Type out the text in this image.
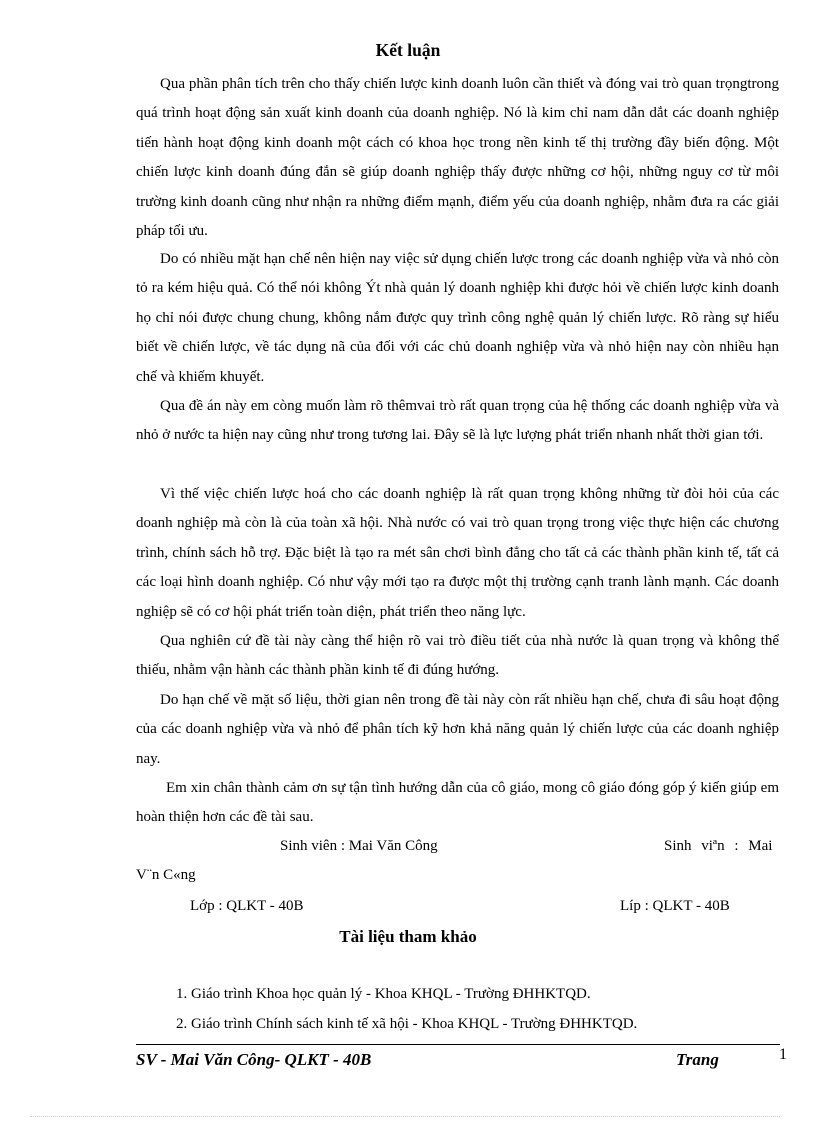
Kết luận

Qua phần phân tích trên cho thấy chiến lược kinh doanh luôn cần thiết và đóng vai trò quan trọngtrong quá trình hoạt động sản xuất kinh doanh của doanh nghiệp. Nó là kim chỉ nam dẫn dắt các doanh nghiệp tiến hành hoạt động kinh doanh một cách có khoa học trong nền kinh tế thị trường đầy biến động. Một chiến lược kinh doanh đúng đắn sẽ giúp doanh nghiệp thấy được những cơ hội, những nguy cơ từ môi trường kinh doanh cũng như nhận ra những điểm mạnh, điểm yếu của doanh nghiệp, nhằm đưa ra các giải pháp tối ưu.

Do có nhiều mặt hạn chế nên hiện nay việc sử dụng chiến lược trong các doanh nghiệp vừa và nhỏ còn tỏ ra kém hiệu quả. Có thể nói không Ýt nhà quản lý doanh nghiệp khi được hỏi về chiến lược kinh doanh họ chỉ nói được chung chung, không nắm được quy trình công nghệ quản lý chiến lược. Rõ ràng sự hiểu biết về chiến lược, về tác dụng nã của đối với các chủ doanh nghiệp vừa và nhỏ hiện nay còn nhiều hạn chế và khiếm khuyết.

Qua đề án này em còng muốn làm rõ thêmvai trò rất quan trọng của hệ thống các doanh nghiệp vừa và nhỏ ở nước ta hiện nay cũng như trong tương lai. Đây sẽ là lực lượng phát triển nhanh nhất thời gian tới.

Vì thế việc chiến lược hoá cho các doanh nghiệp là rất quan trọng không những từ đòi hỏi của các doanh nghiệp mà còn là của toàn xã hội. Nhà nước có vai trò quan trọng trong việc thực hiện các chương trình, chính sách hỗ trợ. Đặc biệt là tạo ra mét sân chơi bình đẳng cho tất cả các thành phần kinh tế, tất cả các loại hình doanh nghiệp. Có như vậy mới tạo ra được một thị trường cạnh tranh lành mạnh. Các doanh nghiệp sẽ có cơ hội phát triển toàn diện, phát triển theo năng lực.

Qua nghiên cứ đề tài này càng thể hiện rõ vai trò điều tiết của nhà nước là quan trọng và không thể thiếu, nhằm vận hành các thành phần kinh tế đi đúng hướng.

Do hạn chế về mặt số liệu, thời gian nên trong đề tài này còn rất nhiều hạn chế, chưa đi sâu hoạt động của các doanh nghiệp vừa và nhỏ để phân tích kỹ hơn khả năng quản lý chiến lược của các doanh nghiệp nay.

Em xin chân thành cảm ơn sự tận tình hướng dẫn của cô giáo, mong cô giáo đóng góp ý kiến giúp em hoàn thiện hơn các đề tài sau.

Sinh viên : Mai Văn Công	Sinh viªn : Mai
V¨n C«ng
Lớp : QLKT - 40B	Líp : QLKT - 40B
Tài liệu tham khảo
1. Giáo trình Khoa học quản lý - Khoa KHQL - Trường ĐHHKTQD.
2. Giáo trình Chính sách kinh tế xã hội - Khoa KHQL - Trường ĐHHKTQD.
SV - Mai Văn Công- QLKT - 40B	Trang	1
